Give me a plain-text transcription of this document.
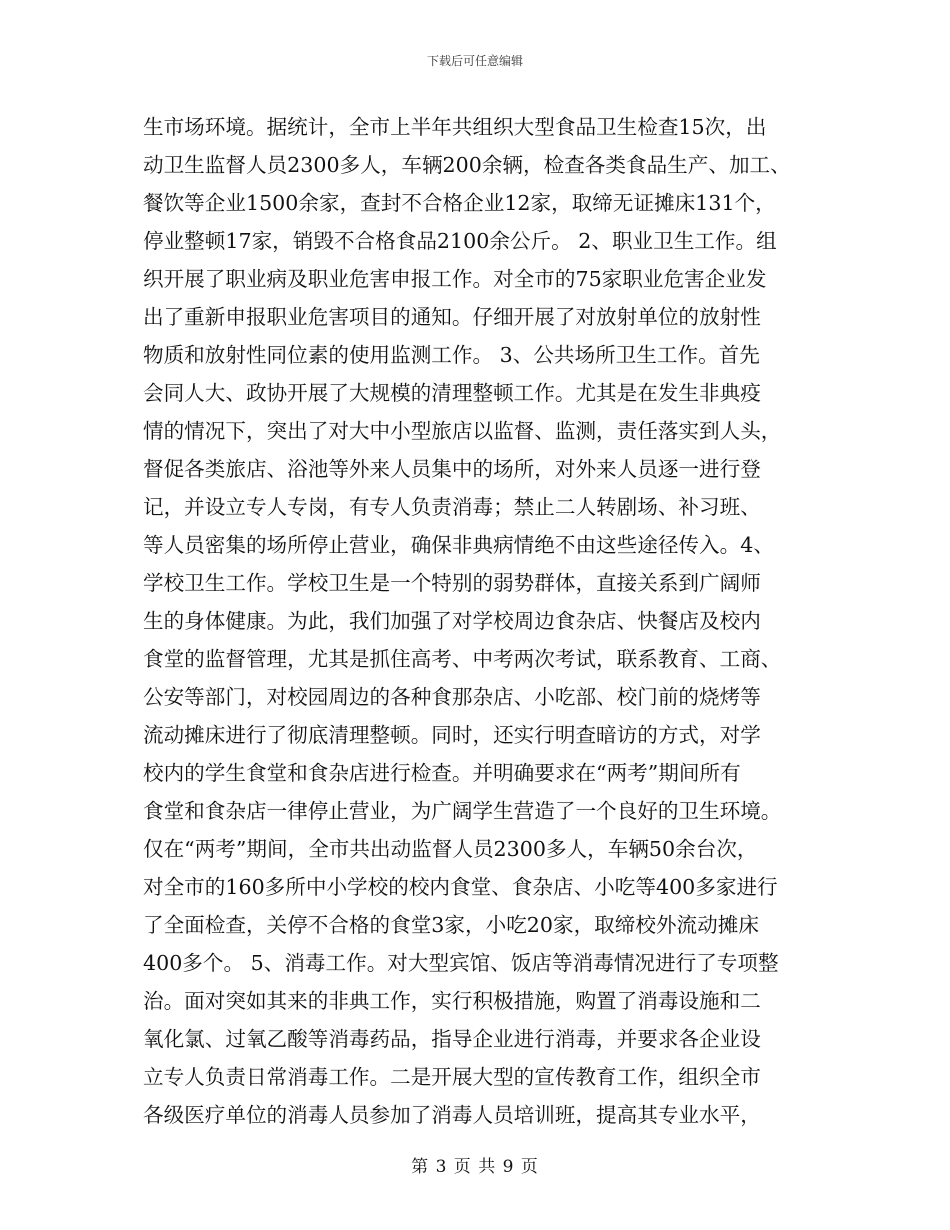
下载后可任意编辑
生市场环境。据统计，全市上半年共组织大型食品卫生检查15次，出
动卫生监督人员2300多人，车辆200余辆，检查各类食品生产、加工、
餐饮等企业1500余家，查封不合格企业12家，取缔无证摊床131个，
停业整顿17家，销毁不合格食品2100余公斤。 2、职业卫生工作。组
织开展了职业病及职业危害申报工作。对全市的75家职业危害企业发
出了重新申报职业危害项目的通知。仔细开展了对放射单位的放射性
物质和放射性同位素的使用监测工作。 3、公共场所卫生工作。首先
会同人大、政协开展了大规模的清理整顿工作。尤其是在发生非典疫
情的情况下，突出了对大中小型旅店以监督、监测，责任落实到人头，
督促各类旅店、浴池等外来人员集中的场所，对外来人员逐一进行登
记，并设立专人专岗，有专人负责消毒；禁止二人转剧场、补习班、
等人员密集的场所停止营业，确保非典病情绝不由这些途径传入。4、
学校卫生工作。学校卫生是一个特别的弱势群体，直接关系到广阔师
生的身体健康。为此，我们加强了对学校周边食杂店、快餐店及校内
食堂的监督管理，尤其是抓住高考、中考两次考试，联系教育、工商、
公安等部门，对校园周边的各种食那杂店、小吃部、校门前的烧烤等
流动摊床进行了彻底清理整顿。同时，还实行明查暗访的方式，对学
校内的学生食堂和食杂店进行检查。并明确要求在“两考”期间所有
食堂和食杂店一律停止营业，为广阔学生营造了一个良好的卫生环境。
仅在“两考”期间，全市共出动监督人员2300多人，车辆50余台次，
对全市的160多所中小学校的校内食堂、食杂店、小吃等400多家进行
了全面检查，关停不合格的食堂3家，小吃20家，取缔校外流动摊床
400多个。 5、消毒工作。对大型宾馆、饭店等消毒情况进行了专项整
治。面对突如其来的非典工作，实行积极措施，购置了消毒设施和二
氧化氯、过氧乙酸等消毒药品，指导企业进行消毒，并要求各企业设
立专人负责日常消毒工作。二是开展大型的宣传教育工作，组织全市
各级医疗单位的消毒人员参加了消毒人员培训班，提高其专业水平，
第 3 页 共 9 页
